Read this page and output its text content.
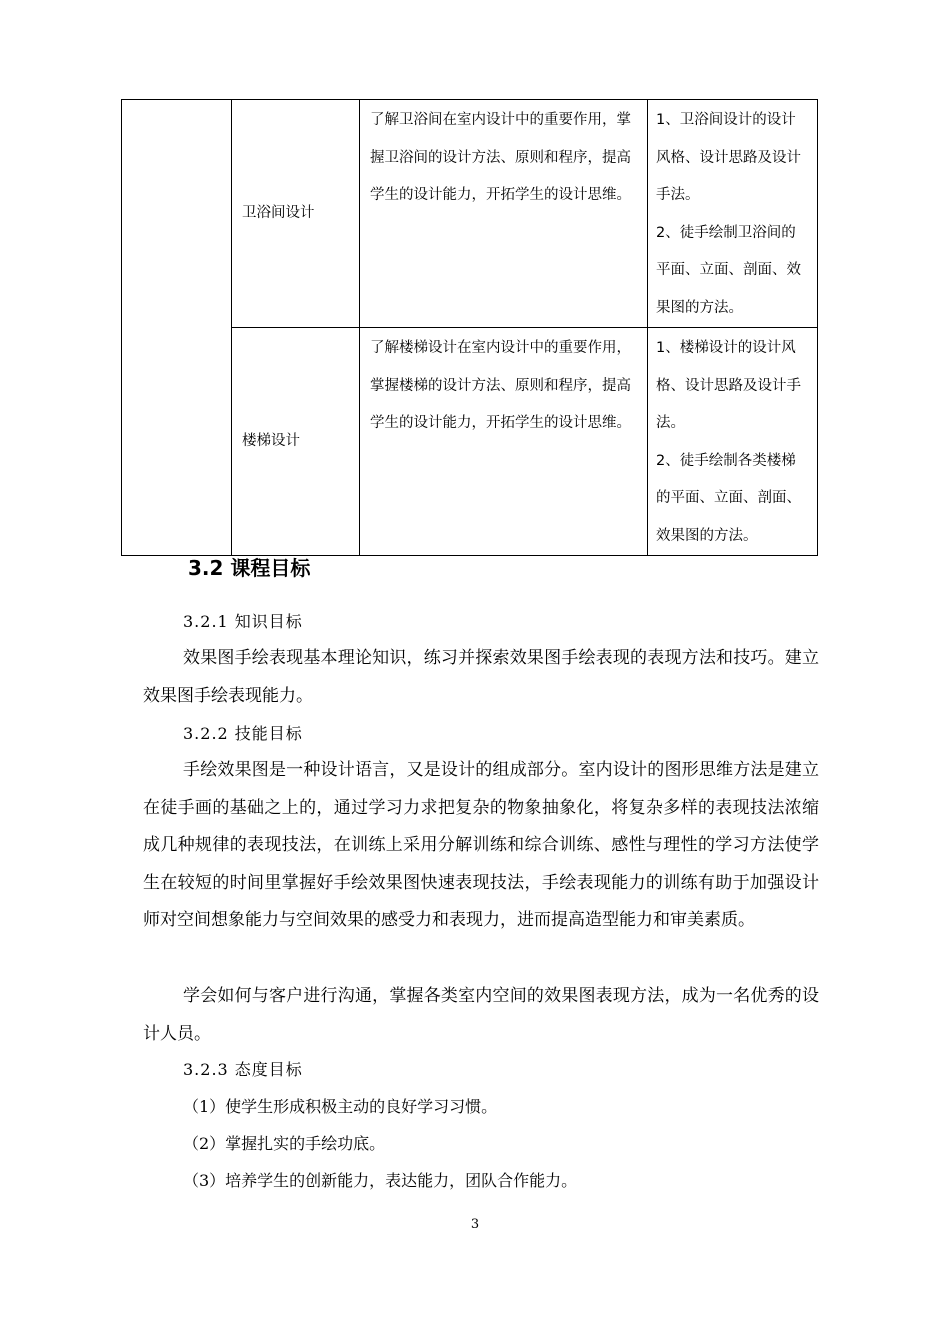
	卫浴间设计	了解卫浴间在室内设计中的重要作用，掌握卫浴间的设计方法、原则和程序，提高学生的设计能力，开拓学生的设计思维。	1、卫浴间设计的设计风格、设计思路及设计手法。
2、徒手绘制卫浴间的平面、立面、剖面、效果图的方法。

	楼梯设计	了解楼梯设计在室内设计中的重要作用，掌握楼梯的设计方法、原则和程序，提高学生的设计能力，开拓学生的设计思维。	1、楼梯设计的设计风格、设计思路及设计手法。
2、徒手绘制各类楼梯的平面、立面、剖面、效果图的方法。
3.2 课程目标

3.2.1 知识目标

效果图手绘表现基本理论知识，练习并探索效果图手绘表现的表现方法和技巧。建立效果图手绘表现能力。

3.2.2 技能目标

手绘效果图是一种设计语言，又是设计的组成部分。室内设计的图形思维方法是建立在徒手画的基础之上的，通过学习力求把复杂的物象抽象化，将复杂多样的表现技法浓缩成几种规律的表现技法，在训练上采用分解训练和综合训练、感性与理性的学习方法使学生在较短的时间里掌握好手绘效果图快速表现技法，手绘表现能力的训练有助于加强设计师对空间想象能力与空间效果的感受力和表现力，进而提高造型能力和审美素质。

学会如何与客户进行沟通，掌握各类室内空间的效果图表现方法，成为一名优秀的设计人员。

3.2.3 态度目标

（1）使学生形成积极主动的良好学习习惯。

（2）掌握扎实的手绘功底。

（3）培养学生的创新能力，表达能力，团队合作能力。

3
